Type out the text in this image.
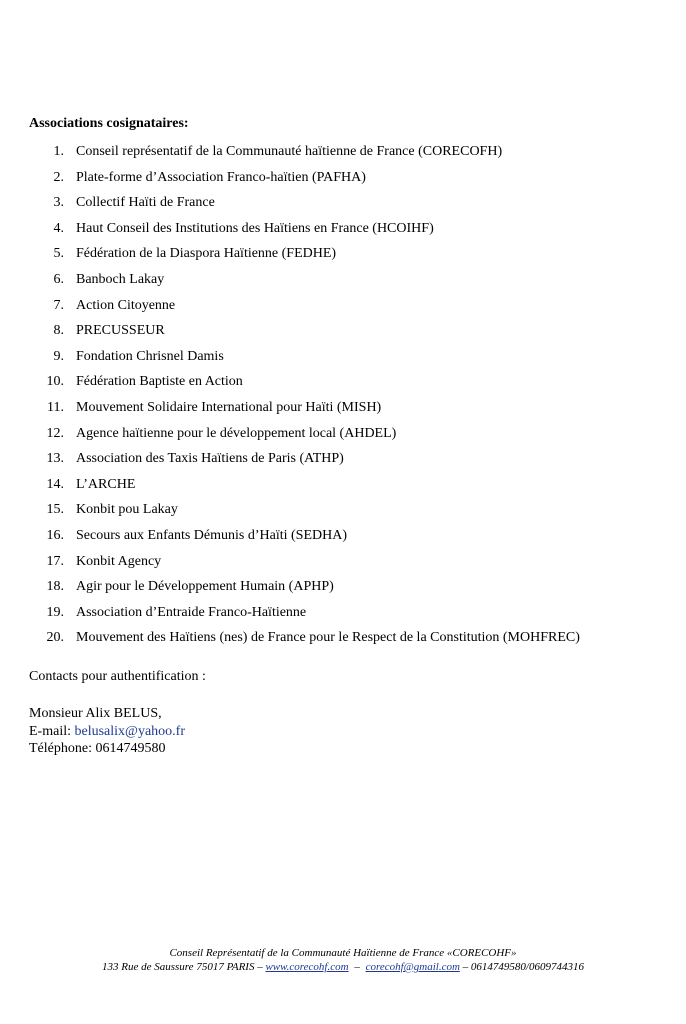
Associations cosignataires:
1. Conseil représentatif de la Communauté haïtienne de France (CORECOFH)
2. Plate-forme d’Association Franco-haïtien (PAFHA)
3. Collectif Haïti de France
4. Haut Conseil des Institutions des Haïtiens en France (HCOIHF)
5. Fédération de la Diaspora Haïtienne (FEDHE)
6. Banboch Lakay
7. Action Citoyenne
8. PRECUSSEUR
9. Fondation Chrisnel Damis
10. Fédération Baptiste en Action
11. Mouvement Solidaire International pour Haïti (MISH)
12. Agence haïtienne pour le développement local (AHDEL)
13. Association des Taxis Haïtiens de Paris (ATHP)
14. L’ARCHE
15. Konbit pou Lakay
16. Secours aux Enfants Démunis d’Haïti (SEDHA)
17. Konbit Agency
18. Agir pour le Développement Humain (APHP)
19. Association d’Entraide Franco-Haïtienne
20. Mouvement des Haïtiens (nes) de France pour le Respect de la Constitution (MOHFREC)
Contacts pour authentification :
Monsieur Alix BELUS,
E-mail: belusalix@yahoo.fr
Téléphone: 0614749580
Conseil Représentatif de la Communauté Haïtienne de France «CORECOHF»
133 Rue de Saussure 75017 PARIS – www.corecohf.com – corecohf@gmail.com – 0614749580/0609744316
